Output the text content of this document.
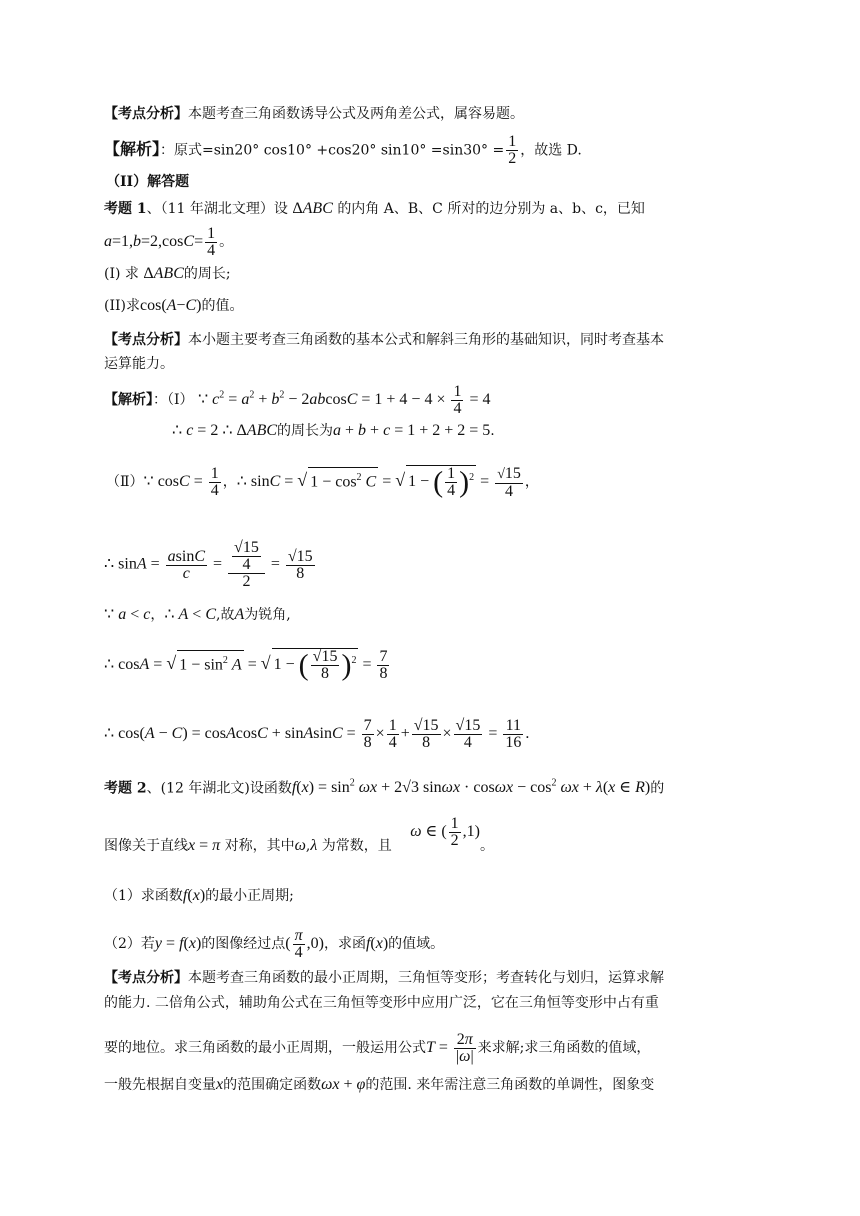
【考点分析】本题考查三角函数诱导公式及两角差公式，属容易题。
【解析】：原式=sin20° cos10° +cos20° $\sin 10^\circ =\sin 30^\circ = \frac{1}{2}$ ，故选 D.
（II）解答题
考题 1、（11 年湖北文理）设 ΔABC 的内角 A、B、C 所对的边分别为 a、b、c，已知
$a=1,b=2,\cos C= \frac{1}{4}$ 。
(I) 求 ΔABC的周长;
(II)求cos(A−C)的值。
【考点分析】本小题主要考查三角函数的基本公式和解斜三角形的基础知识，同时考查基本
运算能力。
【解析】：（Ⅰ） ∵ $c^2 = a^2 + b^2 - 2abcosC = 1 + 4 - 4 \times \frac{1}{4} = 4$
∴ c = 2 ∴ ΔABC的周长为a + b + c = 1 + 2 + 2 = 5.
（Ⅱ）∵ $\cos C = \frac{1}{4}$ ，∴ sinC = √ $1 - \cos^2 C$ = √ 1 − ( $\frac{1}{4} )^2 = \frac{√15}{4}$ ，
∴ $\sin A = \frac{asinC}{c} = \frac{\frac{√15}{4}}{2} = \frac{√15}{8}$
∵ a < c，∴ A < C,故A为锐角,
∴ cosA = √ $1 - \sin^2 A$ = √ 1 − ( $\frac{√15}{8} )^2 = \frac{7}{8}$
∴ cos(A − C) = cosAcosC + sinAsinC = $\frac{7}{8} \times \frac{1}{4} + \frac{√15}{8} \times \frac{√15}{4} = \frac{11}{16}$ .
考题 2、(12 年湖北文)设函数$f(x) = \sin^2 \omega x + 2√3$ $\sin\omega x \cdot \cos\omega x - \cos^2 \omega x + \lambda(x$ ∈ R)的
图像关于直线x = π 对称，其中ω,λ 为常数，且 ω ∈ ( $\frac{1}{2} ,1$)。
（1）求函数f(x)的最小正周期;
（2）若y = f(x)的图像经过点( $\frac{\pi}{4} ,0$)，求函f(x)的值域。
【考点分析】本题考查三角函数的最小正周期，三角恒等变形；考查转化与划归，运算求解
的能力. 二倍角公式，辅助角公式在三角恒等变形中应用广泛，它在三角恒等变形中占有重
要的地位。求三角函数的最小正周期，一般运用公式$T = \frac{2\pi}{|\omega|}$ 来求解;求三角函数的值域，
一般先根据自变量x的范围确定函数ωx + φ的范围. 来年需注意三角函数的单调性，图象变
